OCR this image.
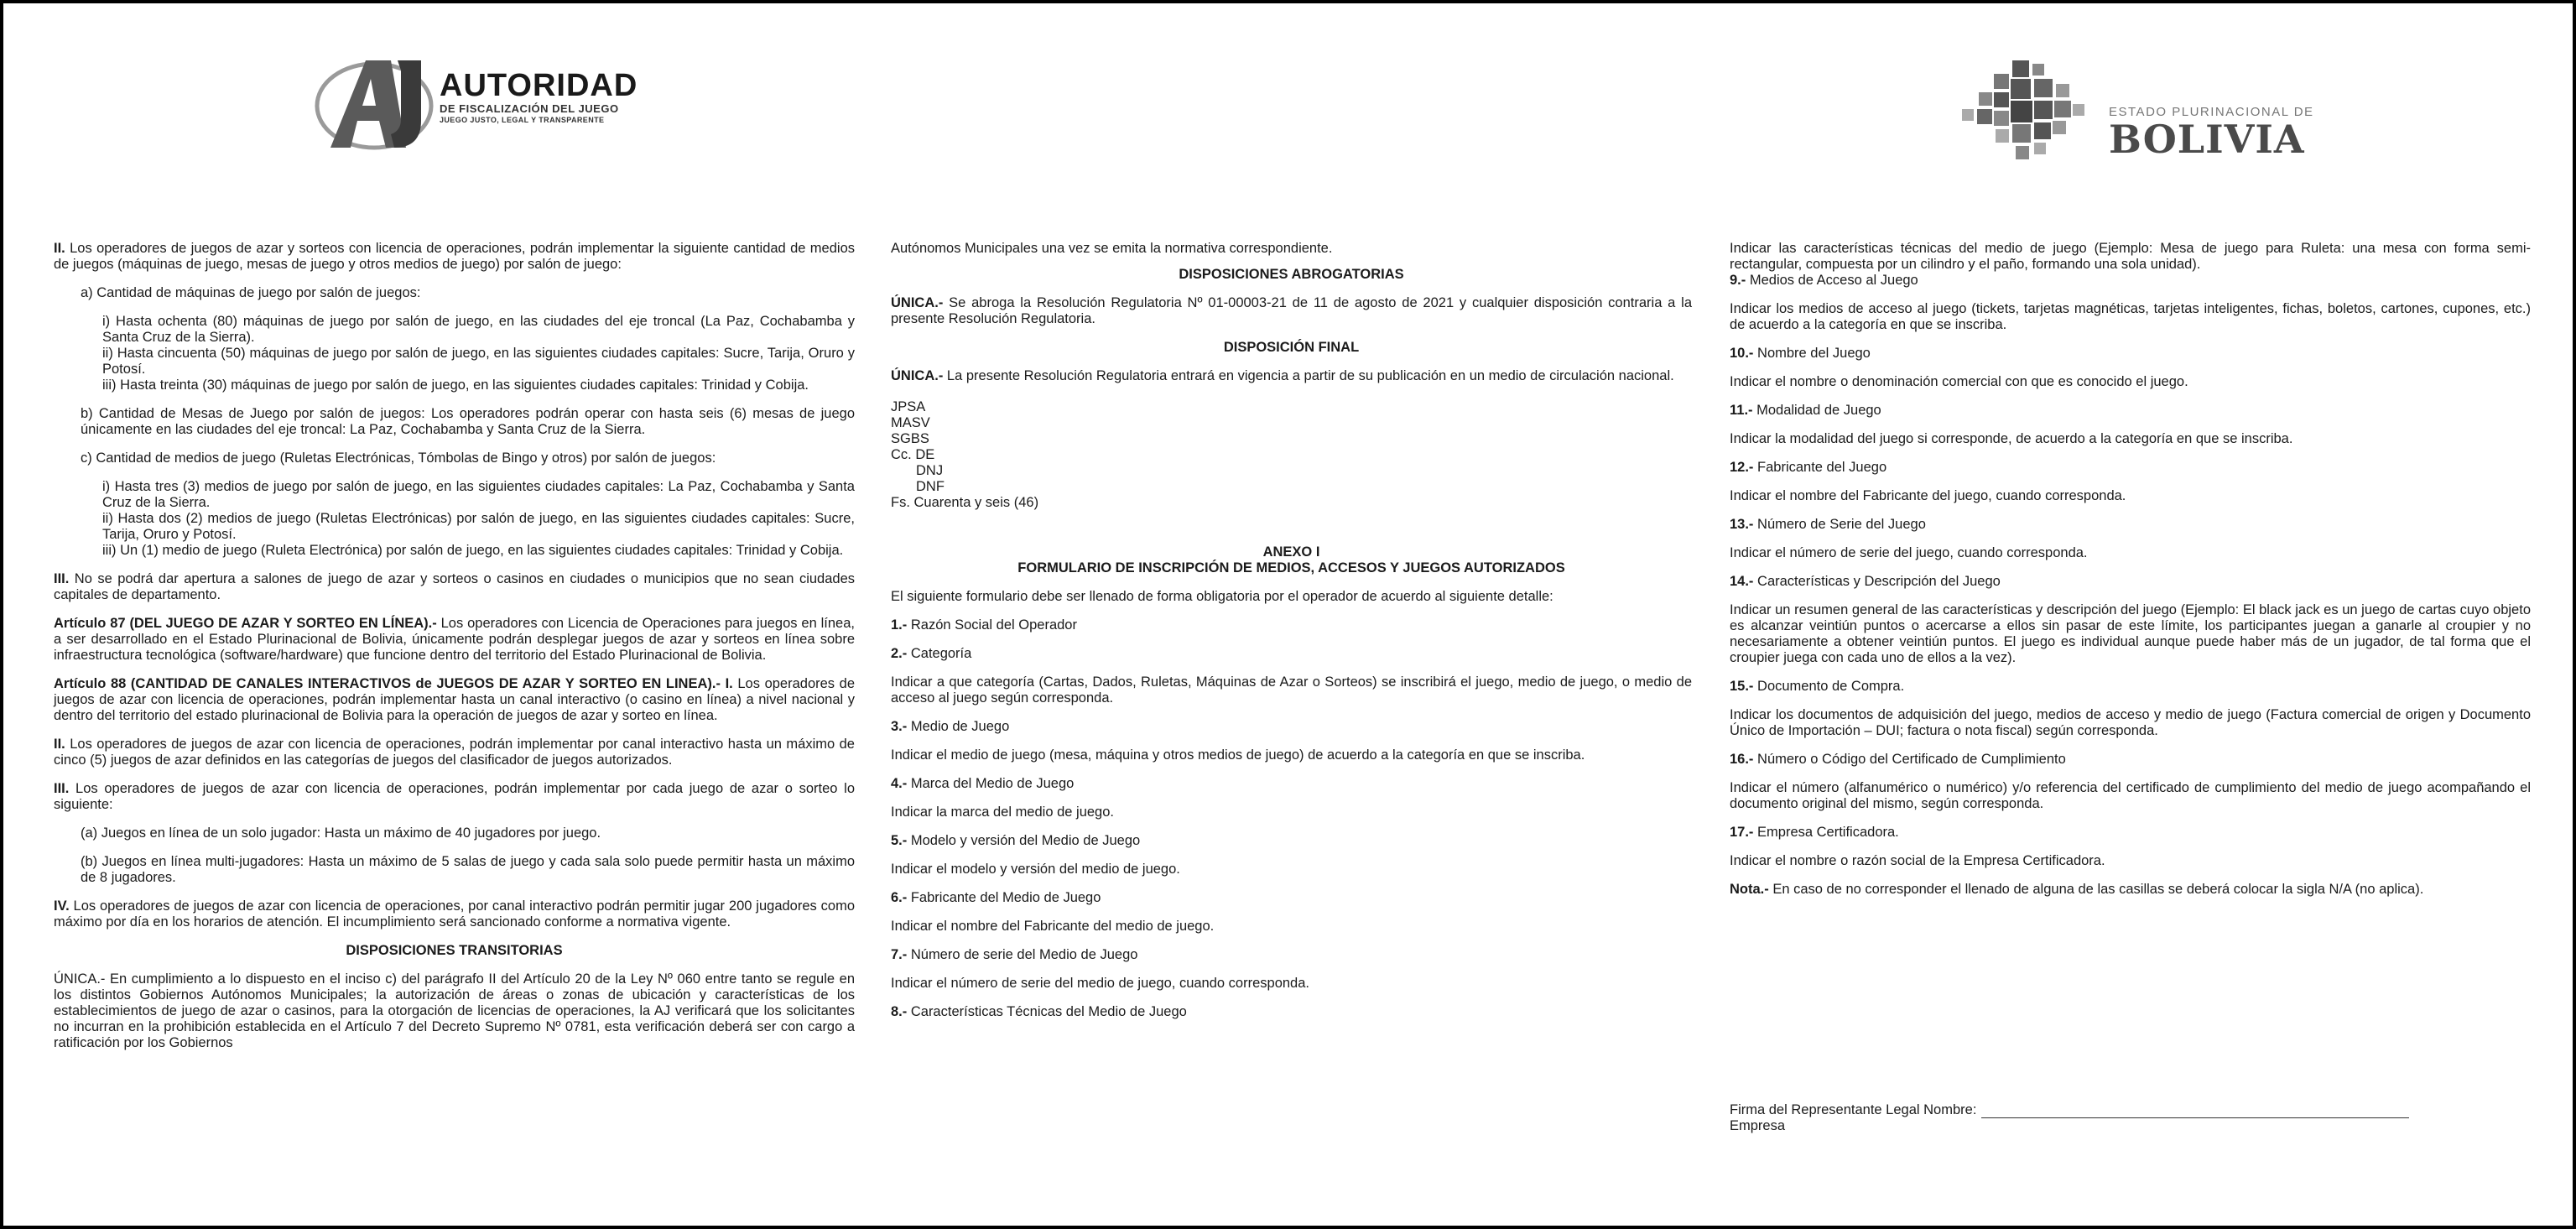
AUTORIDAD
DE FISCALIZACIÓN DEL JUEGO
JUEGO JUSTO, LEGAL Y TRANSPARENTE
ESTADO PLURINACIONAL DE
BOLIVIA

II. Los operadores de juegos de azar y sorteos con licencia de operaciones, podrán implementar la siguiente cantidad de medios de juegos (máquinas de juego, mesas de juego y otros medios de juego) por salón de juego:

a) Cantidad de máquinas de juego por salón de juegos:

i) Hasta ochenta (80) máquinas de juego por salón de juego, en las ciudades del eje troncal (La Paz, Cochabamba y Santa Cruz de la Sierra).

ii) Hasta cincuenta (50) máquinas de juego por salón de juego, en las siguientes ciudades capitales: Sucre, Tarija, Oruro y Potosí.

iii) Hasta treinta (30) máquinas de juego por salón de juego, en las siguientes ciudades capitales: Trinidad y Cobija.

b) Cantidad de Mesas de Juego por salón de juegos: Los operadores podrán operar con hasta seis (6) mesas de juego únicamente en las ciudades del eje troncal: La Paz, Cochabamba y Santa Cruz de la Sierra.

c) Cantidad de medios de juego (Ruletas Electrónicas, Tómbolas de Bingo y otros) por salón de juegos:

i) Hasta tres (3) medios de juego por salón de juego, en las siguientes ciudades capitales: La Paz, Cochabamba y Santa Cruz de la Sierra.

ii) Hasta dos (2) medios de juego (Ruletas Electrónicas) por salón de juego, en las siguientes ciudades capitales: Sucre, Tarija, Oruro y Potosí.

iii) Un (1) medio de juego (Ruleta Electrónica) por salón de juego, en las siguientes ciudades capitales: Trinidad y Cobija.

III. No se podrá dar apertura a salones de juego de azar y sorteos o casinos en ciudades o municipios que no sean ciudades capitales de departamento.

Artículo 87 (DEL JUEGO DE AZAR Y SORTEO EN LÍNEA).- Los operadores con Licencia de Operaciones para juegos en línea, a ser desarrollado en el Estado Plurinacional de Bolivia, únicamente podrán desplegar juegos de azar y sorteos en línea sobre infraestructura tecnológica (software/hardware) que funcione dentro del territorio del Estado Plurinacional de Bolivia.

Artículo 88 (CANTIDAD DE CANALES INTERACTIVOS de JUEGOS DE AZAR Y SORTEO EN LINEA).- I. Los operadores de juegos de azar con licencia de operaciones, podrán implementar hasta un canal interactivo (o casino en línea) a nivel nacional y dentro del territorio del estado plurinacional de Bolivia para la operación de juegos de azar y sorteo en línea.

II. Los operadores de juegos de azar con licencia de operaciones, podrán implementar por canal interactivo hasta un máximo de cinco (5) juegos de azar definidos en las categorías de juegos del clasificador de juegos autorizados.

III. Los operadores de juegos de azar con licencia de operaciones, podrán implementar por cada juego de azar o sorteo lo siguiente:

(a) Juegos en línea de un solo jugador: Hasta un máximo de 40 jugadores por juego.

(b) Juegos en línea multi-jugadores: Hasta un máximo de 5 salas de juego y cada sala solo puede permitir hasta un máximo de 8 jugadores.

IV. Los operadores de juegos de azar con licencia de operaciones, por canal interactivo podrán permitir jugar 200 jugadores como máximo por día en los horarios de atención. El incumplimiento será sancionado conforme a normativa vigente.

DISPOSICIONES TRANSITORIAS

ÚNICA.- En cumplimiento a lo dispuesto en el inciso c) del parágrafo II del Artículo 20 de la Ley Nº 060 entre tanto se regule en los distintos Gobiernos Autónomos Municipales; la autorización de áreas o zonas de ubicación y características de los establecimientos de juego de azar o casinos, para la otorgación de licencias de operaciones, la AJ verificará que los solicitantes no incurran en la prohibición establecida en el Artículo 7 del Decreto Supremo Nº 0781, esta verificación deberá ser con cargo a ratificación por los Gobiernos

Autónomos Municipales una vez se emita la normativa correspondiente.

DISPOSICIONES ABROGATORIAS

ÚNICA.- Se abroga la Resolución Regulatoria Nº 01-00003-21 de 11 de agosto de 2021 y cualquier disposición contraria a la presente Resolución Regulatoria.

DISPOSICIÓN FINAL

ÚNICA.- La presente Resolución Regulatoria entrará en vigencia a partir de su publicación en un medio de circulación nacional.

JPSA

MASV

SGBS

Cc. DE

DNJ

DNF

Fs. Cuarenta y seis (46)

ANEXO I

FORMULARIO DE INSCRIPCIÓN DE MEDIOS, ACCESOS Y JUEGOS AUTORIZADOS

El siguiente formulario debe ser llenado de forma obligatoria por el operador de acuerdo al siguiente detalle:

1.- Razón Social del Operador

2.- Categoría

Indicar a que categoría (Cartas, Dados, Ruletas, Máquinas de Azar o Sorteos) se inscribirá el juego, medio de juego, o medio de acceso al juego según corresponda.

3.- Medio de Juego

Indicar el medio de juego (mesa, máquina y otros medios de juego) de acuerdo a la categoría en que se inscriba.

4.- Marca del Medio de Juego

Indicar la marca del medio de juego.

5.- Modelo y versión del Medio de Juego

Indicar el modelo y versión del medio de juego.

6.- Fabricante del Medio de Juego

Indicar el nombre del Fabricante del medio de juego.

7.- Número de serie del Medio de Juego

Indicar el número de serie del medio de juego, cuando corresponda.

8.- Características Técnicas del Medio de Juego

Indicar las características técnicas del medio de juego (Ejemplo: Mesa de juego para Ruleta: una mesa con forma semi-rectangular, compuesta por un cilindro y el paño, formando una sola unidad).

9.- Medios de Acceso al Juego

Indicar los medios de acceso al juego (tickets, tarjetas magnéticas, tarjetas inteligentes, fichas, boletos, cartones, cupones, etc.) de acuerdo a la categoría en que se inscriba.

10.- Nombre del Juego

Indicar el nombre o denominación comercial con que es conocido el juego.

11.- Modalidad de Juego

Indicar la modalidad del juego si corresponde, de acuerdo a la categoría en que se inscriba.

12.- Fabricante del Juego

Indicar el nombre del Fabricante del juego, cuando corresponda.

13.- Número de Serie del Juego

Indicar el número de serie del juego, cuando corresponda.

14.- Características y Descripción del Juego

Indicar un resumen general de las características y descripción del juego (Ejemplo: El black jack es un juego de cartas cuyo objeto es alcanzar veintiún puntos o acercarse a ellos sin pasar de este límite, los participantes juegan a ganarle al croupier y no necesariamente a obtener veintiún puntos. El juego es individual aunque puede haber más de un jugador, de tal forma que el croupier juega con cada uno de ellos a la vez).

15.- Documento de Compra.

Indicar los documentos de adquisición del juego, medios de acceso y medio de juego (Factura comercial de origen y Documento Único de Importación – DUI; factura o nota fiscal) según corresponda.

16.- Número o Código del Certificado de Cumplimiento

Indicar el número (alfanumérico o numérico) y/o referencia del certificado de cumplimiento del medio de juego acompañando el documento original del mismo, según corresponda.

17.- Empresa Certificadora.

Indicar el nombre o razón social de la Empresa Certificadora.

Nota.- En caso de no corresponder el llenado de alguna de las casillas se deberá colocar la sigla N/A (no aplica).

Firma del Representante Legal Nombre:
Empresa
